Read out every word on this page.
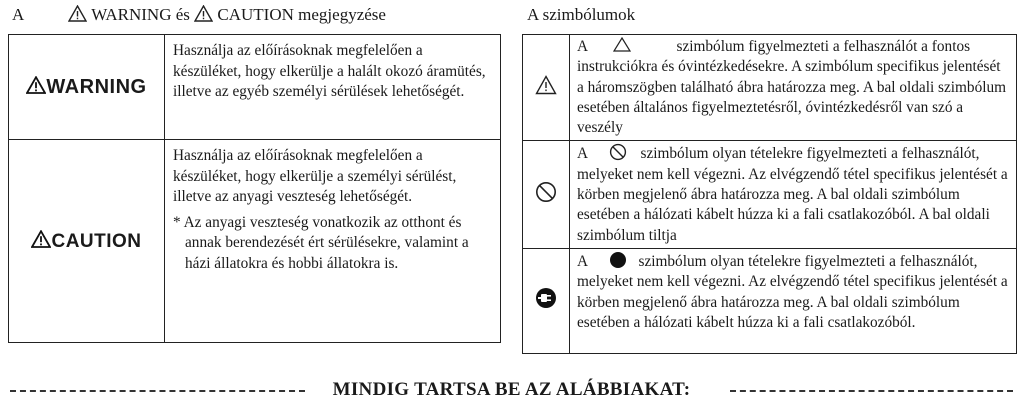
A	WARNING és CAUTION megjegyzése	A szimbólumok
WARNING	Használja az előírásoknak megfelelően a készüléket, hogy elkerülje a halált okozó áramütés, illetve az egyéb személyi sérülések lehetőségét.

CAUTION	Használja az előírásoknak megfelelően a készüléket, hogy elkerülje a személyi sérülést, illetve az anyagi veszteség lehetőségét.

* Az anyagi veszteség vonatkozik az otthont és annak berendezését ért sérülésekre, valamint a házi állatokra és hobbi állatokra is.

A szimbólum figyelmezteti a felhasználót a fontos instrukciókra és óvintézkedésekre. A szimbólum specifikus jelentését a háromszögben található ábra határozza meg. A bal oldali szimbólum esetében általános figyelmeztetésről, óvintézkedésről van szó a veszély

A szimbólum olyan tételekre figyelmezteti a felhasználót, melyeket nem kell végezni. Az elvégzendő tétel specifikus jelentését a körben megjelenő ábra határozza meg. A bal oldali szimbólum esetében a hálózati kábelt húzza ki a fali csatlakozóból. A bal oldali szimbólum tiltja

A szimbólum olyan tételekre figyelmezteti a felhasználót, melyeket nem kell végezni. Az elvégzendő tétel specifikus jelentését a körben megjelenő ábra határozza meg. A bal oldali szimbólum esetében a hálózati kábelt húzza ki a fali csatlakozóból.

MINDIG TARTSA BE AZ ALÁBBIAKAT:
